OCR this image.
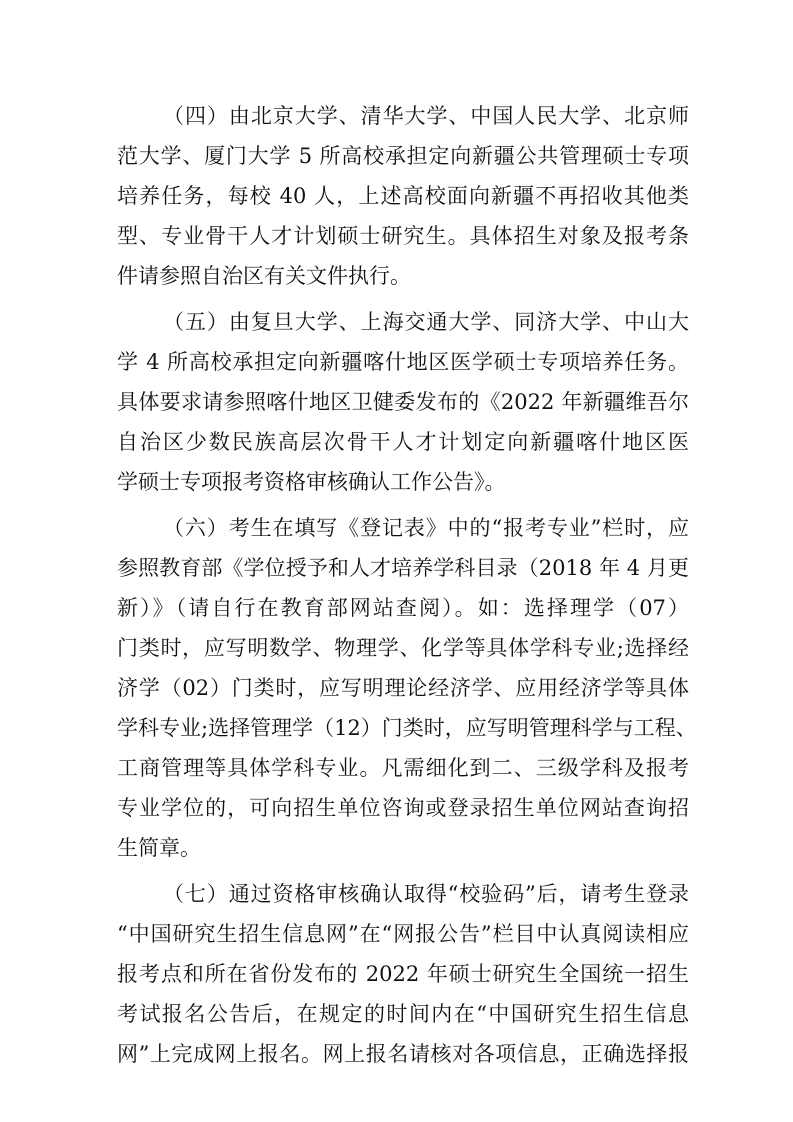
（四）由北京大学、清华大学、中国人民大学、北京师
范大学、厦门大学 5 所高校承担定向新疆公共管理硕士专项
培养任务，每校 40 人，上述高校面向新疆不再招收其他类
型、专业骨干人才计划硕士研究生。具体招生对象及报考条
件请参照自治区有关文件执行。
（五）由复旦大学、上海交通大学、同济大学、中山大
学 4 所高校承担定向新疆喀什地区医学硕士专项培养任务。
具体要求请参照喀什地区卫健委发布的《2022 年新疆维吾尔
自治区少数民族高层次骨干人才计划定向新疆喀什地区医
学硕士专项报考资格审核确认工作公告》。
（六）考生在填写《登记表》中的“报考专业”栏时，应
参照教育部《学位授予和人才培养学科目录（2018 年 4 月更
新）》（请自行在教育部网站查阅）。如：选择理学（07）
门类时，应写明数学、物理学、化学等具体学科专业;选择经
济学（02）门类时，应写明理论经济学、应用经济学等具体
学科专业;选择管理学（12）门类时，应写明管理科学与工程、
工商管理等具体学科专业。凡需细化到二、三级学科及报考
专业学位的，可向招生单位咨询或登录招生单位网站查询招
生简章。
（七）通过资格审核确认取得“校验码”后，请考生登录
“中国研究生招生信息网”在“网报公告”栏目中认真阅读相应
报考点和所在省份发布的 2022 年硕士研究生全国统一招生
考试报名公告后，在规定的时间内在“中国研究生招生信息
网”上完成网上报名。网上报名请核对各项信息，正确选择报
